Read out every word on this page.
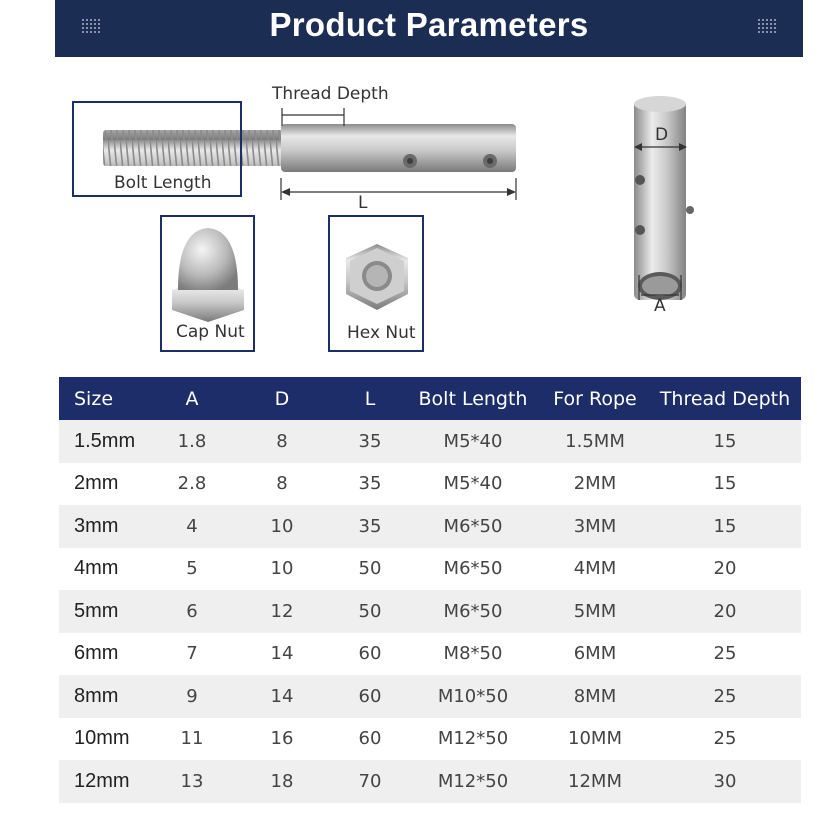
Product Parameters
Thread Depth
Bolt Length
L
Cap Nut	Hex Nut
D
A
Size	A	D	L	Bolt Length	For Rope	Thread Depth
1.5mm	1.8	8	35	M5*40	1.5MM	15
2mm	2.8	8	35	M5*40	2MM	15
3mm	4	10	35	M6*50	3MM	15
4mm	5	10	50	M6*50	4MM	20
5mm	6	12	50	M6*50	5MM	20
6mm	7	14	60	M8*50	6MM	25
8mm	9	14	60	M10*50	8MM	25
10mm	11	16	60	M12*50	10MM	25
12mm	13	18	70	M12*50	12MM	30
